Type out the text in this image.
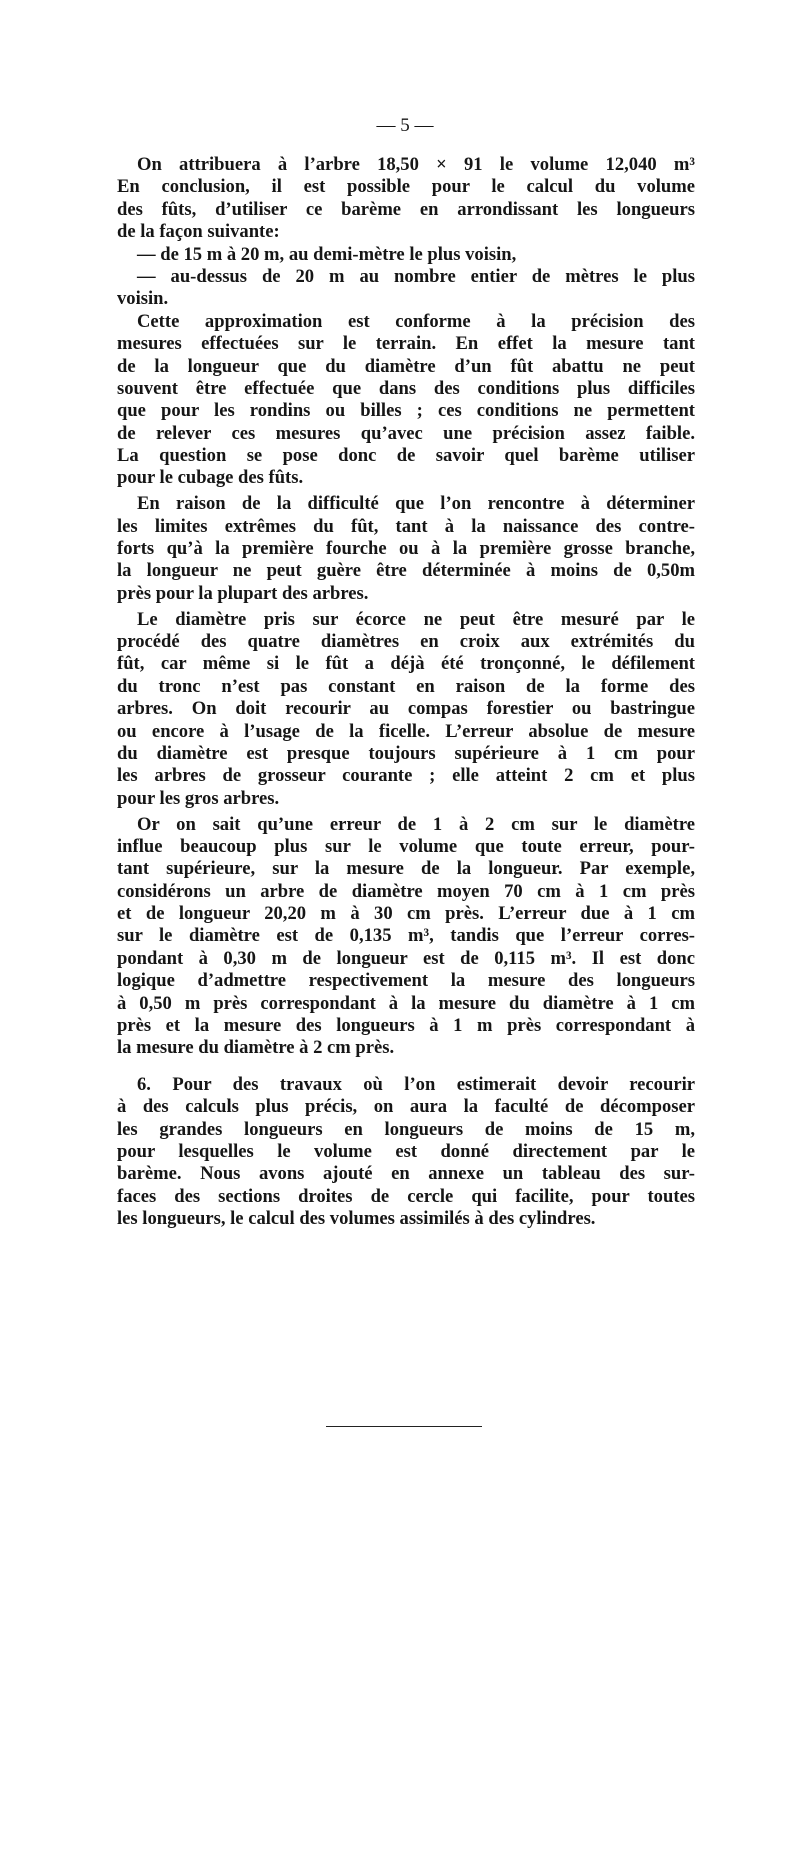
— 5 —
On attribuera à l’arbre 18,50 × 91 le volume 12,040 m³
En conclusion, il est possible pour le calcul du volume
des fûts, d’utiliser ce barème en arrondissant les longueurs
de la façon suivante:
— de 15 m à 20 m, au demi-mètre le plus voisin,
— au-dessus de 20 m au nombre entier de mètres le plus
voisin.
Cette approximation est conforme à la précision des
mesures effectuées sur le terrain. En effet la mesure tant
de la longueur que du diamètre d’un fût abattu ne peut
souvent être effectuée que dans des conditions plus difficiles
que pour les rondins ou billes ; ces conditions ne permettent
de relever ces mesures qu’avec une précision assez faible.
La question se pose donc de savoir quel barème utiliser
pour le cubage des fûts.
En raison de la difficulté que l’on rencontre à déterminer
les limites extrêmes du fût, tant à la naissance des contre-
forts qu’à la première fourche ou à la première grosse branche,
la longueur ne peut guère être déterminée à moins de 0,50m
près pour la plupart des arbres.
Le diamètre pris sur écorce ne peut être mesuré par le
procédé des quatre diamètres en croix aux extrémités du
fût, car même si le fût a déjà été tronçonné, le défilement
du tronc n’est pas constant en raison de la forme des
arbres. On doit recourir au compas forestier ou bastringue
ou encore à l’usage de la ficelle. L’erreur absolue de mesure
du diamètre est presque toujours supérieure à 1 cm pour
les arbres de grosseur courante ; elle atteint 2 cm et plus
pour les gros arbres.
Or on sait qu’une erreur de 1 à 2 cm sur le diamètre
influe beaucoup plus sur le volume que toute erreur, pour-
tant supérieure, sur la mesure de la longueur. Par exemple,
considérons un arbre de diamètre moyen 70 cm à 1 cm près
et de longueur 20,20 m à 30 cm près. L’erreur due à 1 cm
sur le diamètre est de 0,135 m³, tandis que l’erreur corres-
pondant à 0,30 m de longueur est de 0,115 m³. Il est donc
logique d’admettre respectivement la mesure des longueurs
à 0,50 m près correspondant à la mesure du diamètre à 1 cm
près et la mesure des longueurs à 1 m près correspondant à
la mesure du diamètre à 2 cm près.
6. Pour des travaux où l’on estimerait devoir recourir
à des calculs plus précis, on aura la faculté de décomposer
les grandes longueurs en longueurs de moins de 15 m,
pour lesquelles le volume est donné directement par le
barème. Nous avons ajouté en annexe un tableau des sur-
faces des sections droites de cercle qui facilite, pour toutes
les longueurs, le calcul des volumes assimilés à des cylindres.
